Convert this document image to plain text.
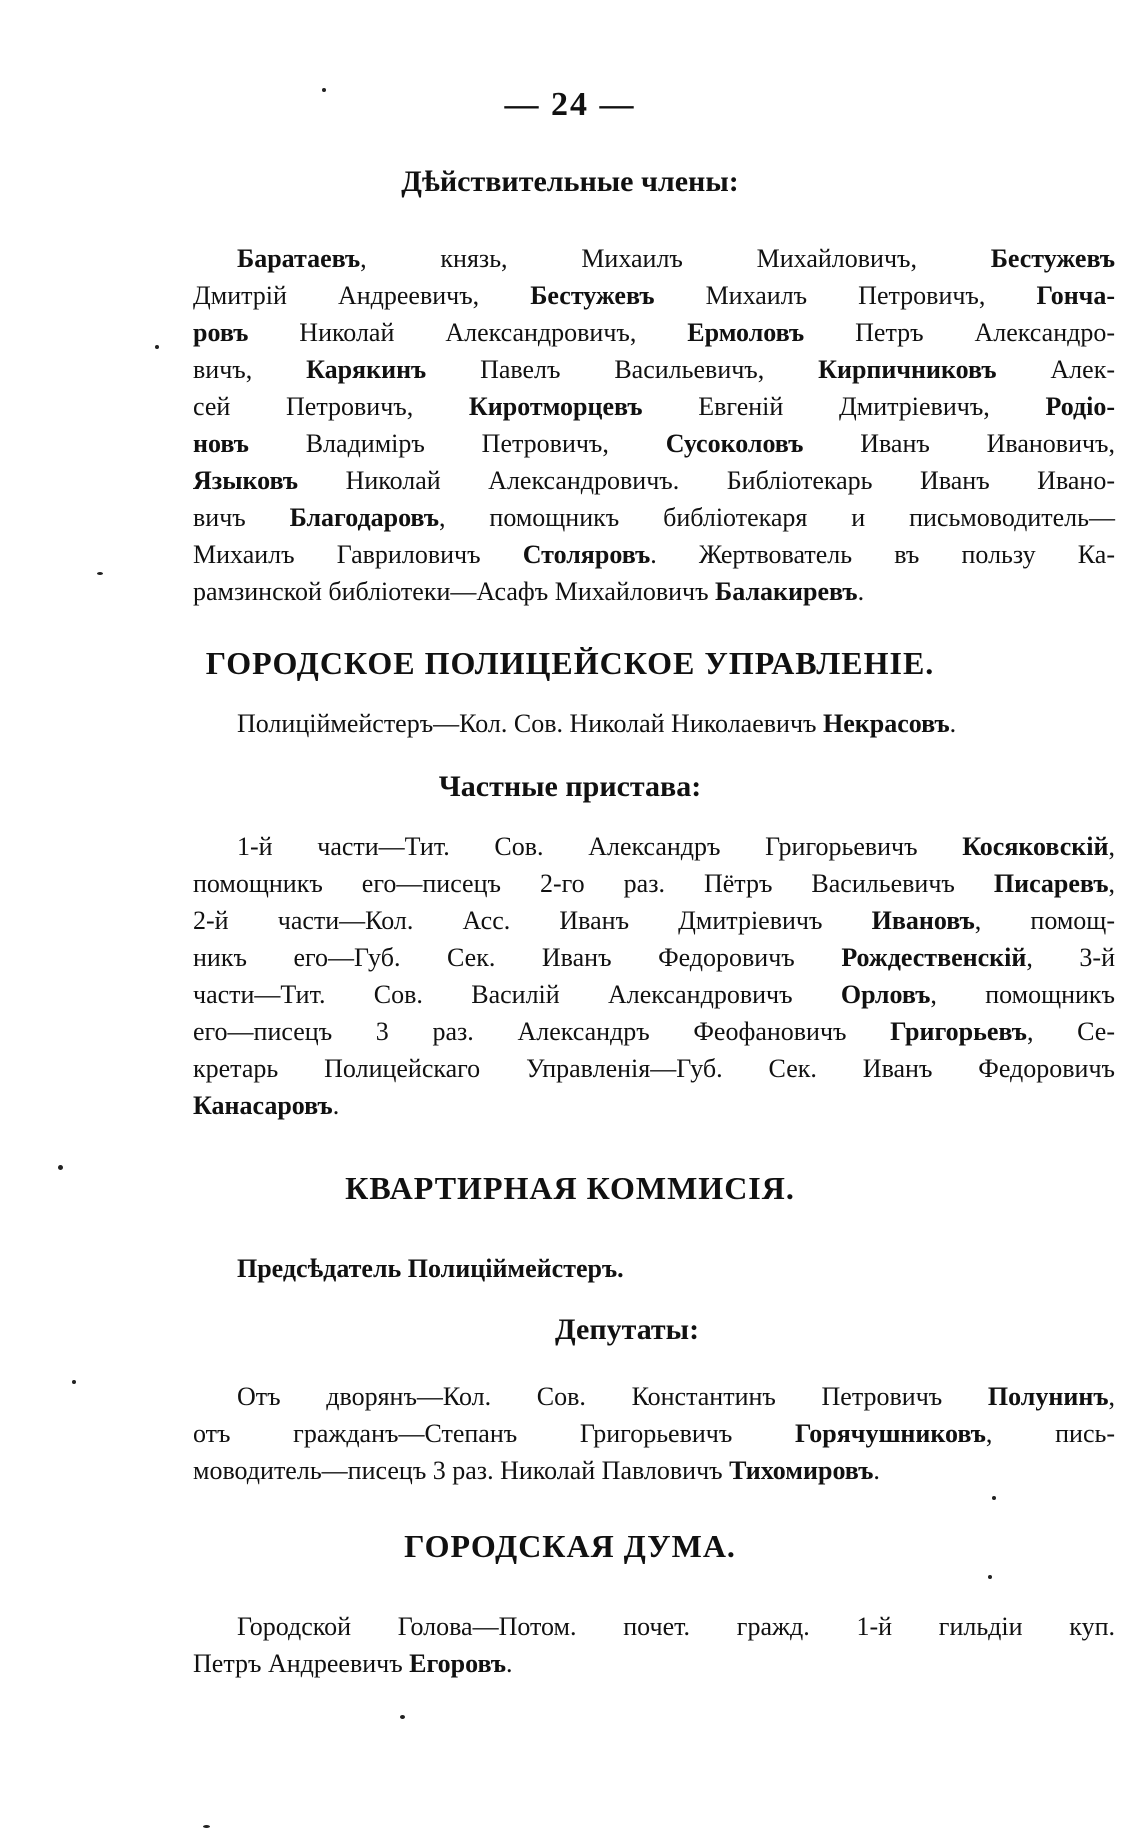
— 24 —
Дѣйствительные члены:
Баратаевъ, князь, Михаилъ Михайловичъ, Бестужевъ
Дмитрій Андреевичъ, Бестужевъ Михаилъ Петровичъ, Гончa-
ровъ Николай Александровичъ, Ермоловъ Петръ Александро-
вичъ, Карякинъ Павелъ Васильевичъ, Кирпичниковъ Алек-
сей Петровичъ, Киротморцевъ Евгеній Дмитріевичъ, Родіо-
новъ Владиміръ Петровичъ, Сусоколовъ Иванъ Ивановичъ,
Языковъ Николай Александровичъ. Библіотекарь Иванъ Ивано-
вичъ Благодаровъ, помощникъ библіотекаря и письмоводитель—
Михаилъ Гавриловичъ Столяровъ. Жертвователь въ пользу Ка-
рамзинской библіотеки—Асафъ Михайловичъ Балакиревъ.
ГОРОДСКОЕ ПОЛИЦЕЙСКОЕ УПРАВЛЕНІЕ.
Полиціймейстеръ—Кол. Сов. Николай Николаевичъ Некрасовъ.
Частные пристава:
1-й части—Тит. Сов. Александръ Григорьевичъ Косяковскій,
помощникъ его—писецъ 2-го раз. Пётръ Васильевичъ Писаревъ,
2-й части—Кол. Асс. Иванъ Дмитріевичъ Ивановъ, помощ-
никъ его—Губ. Сек. Иванъ Федоровичъ Рождественскій, 3-й
части—Тит. Сов. Василій Александровичъ Орловъ, помощникъ
его—писецъ 3 раз. Александръ Феофановичъ Григорьевъ, Се-
кретарь Полицейскаго Управленія—Губ. Сек. Иванъ Федоровичъ
Канасаровъ.
КВАРТИРНАЯ КОММИСІЯ.
Предсѣдатель Полиціймейстеръ.
Депутаты:
Отъ дворянъ—Кол. Сов. Константинъ Петровичъ Полунинъ,
отъ гражданъ—Степанъ Григорьевичъ Горячушниковъ, пись-
моводитель—писецъ 3 раз. Николай Павловичъ Тихомировъ.
ГОРОДСКАЯ ДУМА.
Городской Голова—Потом. почет. гражд. 1-й гильдіи куп.
Петръ Андреевичъ Егоровъ.
